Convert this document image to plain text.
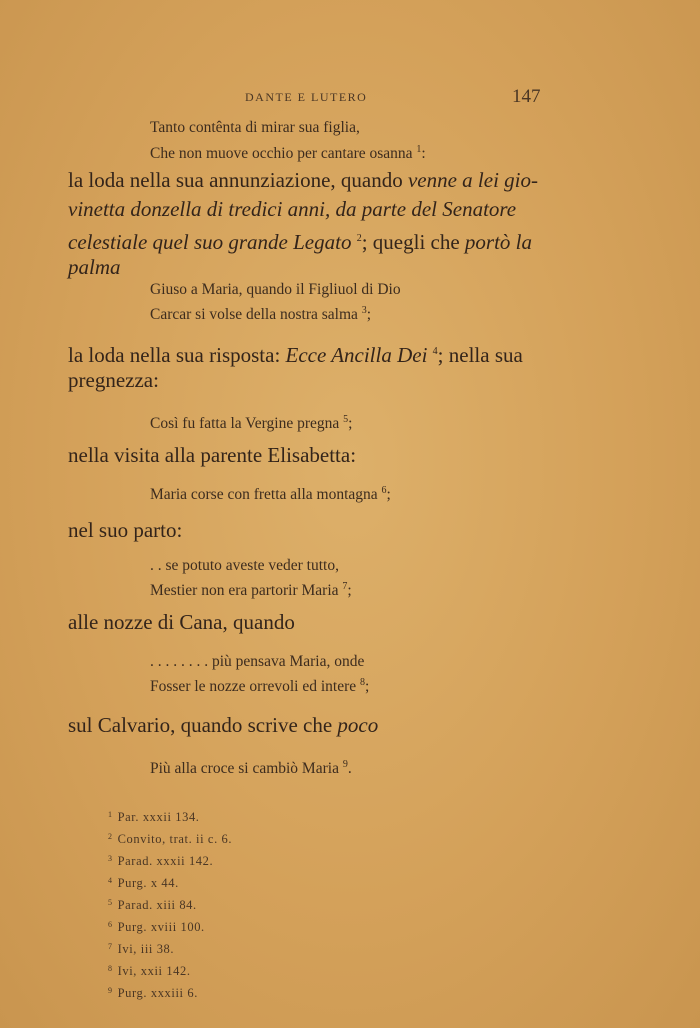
DANTE E LUTERO	147
Tanto contênta di mirar sua figlia,
Che non muove occhio per cantare osanna $^1$:
la loda nella sua annunziazione, quando venne a lei gio-
vinetta donzella di tredici anni, da parte del Senatore
celestiale quel suo grande Legato $^2$; quegli che portò la
palma
Giuso a Maria, quando il Figliuol di Dio
Carcar si volse della nostra salma $^3$;
la loda nella sua risposta: Ecce Ancilla Dei $^4$; nella sua
pregnezza:
Così fu fatta la Vergine pregna $^5$;
nella visita alla parente Elisabetta:
Maria corse con fretta alla montagna $^6$;
nel suo parto:
. . se potuto aveste veder tutto,
Mestier non era partorir Maria $^7$;
alle nozze di Cana, quando
. . . . . . . . più pensava Maria, onde
Fosser le nozze orrevoli ed intere $^8$;
sul Calvario, quando scrive che poco
Più alla croce si cambiò Maria $^9$.
$^1$ Par. xxxii 134.
$^2$ Convito, trat. ii c. 6.
$^3$ Parad. xxxii 142.
$^4$ Purg. x 44.
$^5$ Parad. xiii 84.
$^6$ Purg. xviii 100.
$^7$ Ivi, iii 38.
$^8$ Ivi, xxii 142.
$^9$ Purg. xxxiii 6.
